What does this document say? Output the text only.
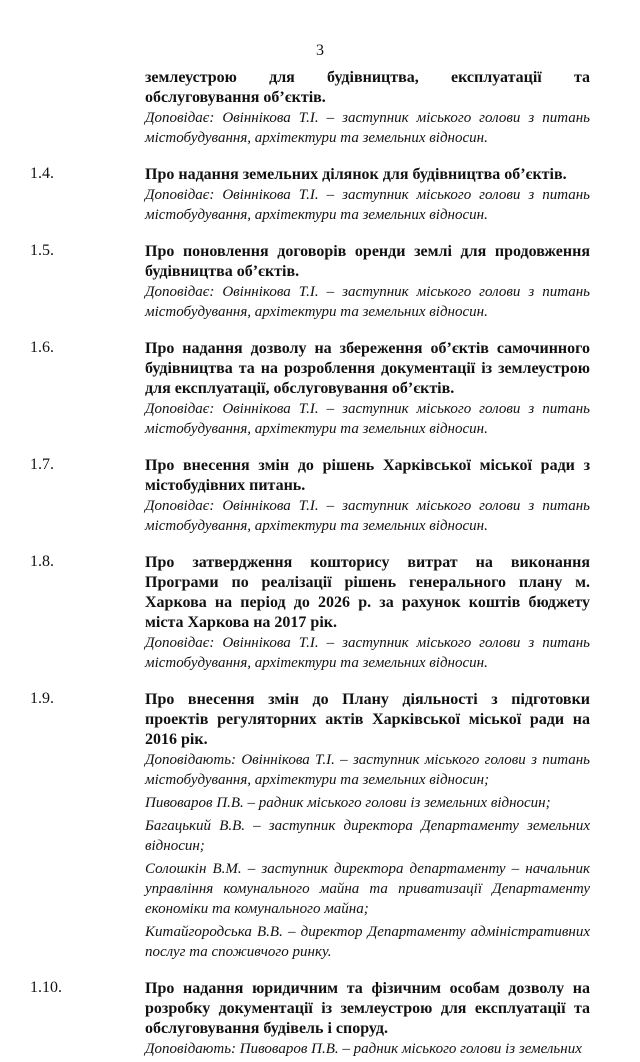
3
землеустрою для будівництва, експлуатації та обслуговування об’єктів.

Доповідає: Овіннікова Т.І. – заступник міського голови з питань містобудування, архітектури та земельних відносин.

1.4.	Про надання земельних ділянок для будівництва об’єктів.

Доповідає: Овіннікова Т.І. – заступник міського голови з питань містобудування, архітектури та земельних відносин.

1.5.	Про поновлення договорів оренди землі для продовження будівництва об’єктів.

Доповідає: Овіннікова Т.І. – заступник міського голови з питань містобудування, архітектури та земельних відносин.

1.6.	Про надання дозволу на збереження об’єктів самочинного будівництва та на розроблення документації із землеустрою для експлуатації, обслуговування об’єктів.

Доповідає: Овіннікова Т.І. – заступник міського голови з питань містобудування, архітектури та земельних відносин.

1.7.	Про внесення змін до рішень Харківської міської ради з містобудівних питань.

Доповідає: Овіннікова Т.І. – заступник міського голови з питань містобудування, архітектури та земельних відносин.

1.8.	Про затвердження кошторису витрат на виконання Програми по реалізації рішень генерального плану м. Харкова на період до 2026 р. за рахунок коштів бюджету міста Харкова на 2017 рік.

Доповідає: Овіннікова Т.І. – заступник міського голови з питань містобудування, архітектури та земельних відносин.

1.9.	Про внесення змін до Плану діяльності з підготовки проектів регуляторних актів Харківської міської ради на 2016 рік.

Доповідають: Овіннікова Т.І. – заступник міського голови з питань містобудування, архітектури та земельних відносин;

Пивоваров П.В. – радник міського голови із земельних відносин;

Багацький В.В. – заступник директора Департаменту земельних відносин;

Солошкін В.М. – заступник директора департаменту – начальник управління комунального майна та приватизації Департаменту економіки та комунального майна;

Китайгородська В.В. – директор Департаменту адміністративних послуг та споживчого ринку.

1.10.	Про надання юридичним та фізичним особам дозволу на розробку документації із землеустрою для експлуатації та обслуговування будівель і споруд.

Доповідають: Пивоваров П.В. – радник міського голови із земельних
